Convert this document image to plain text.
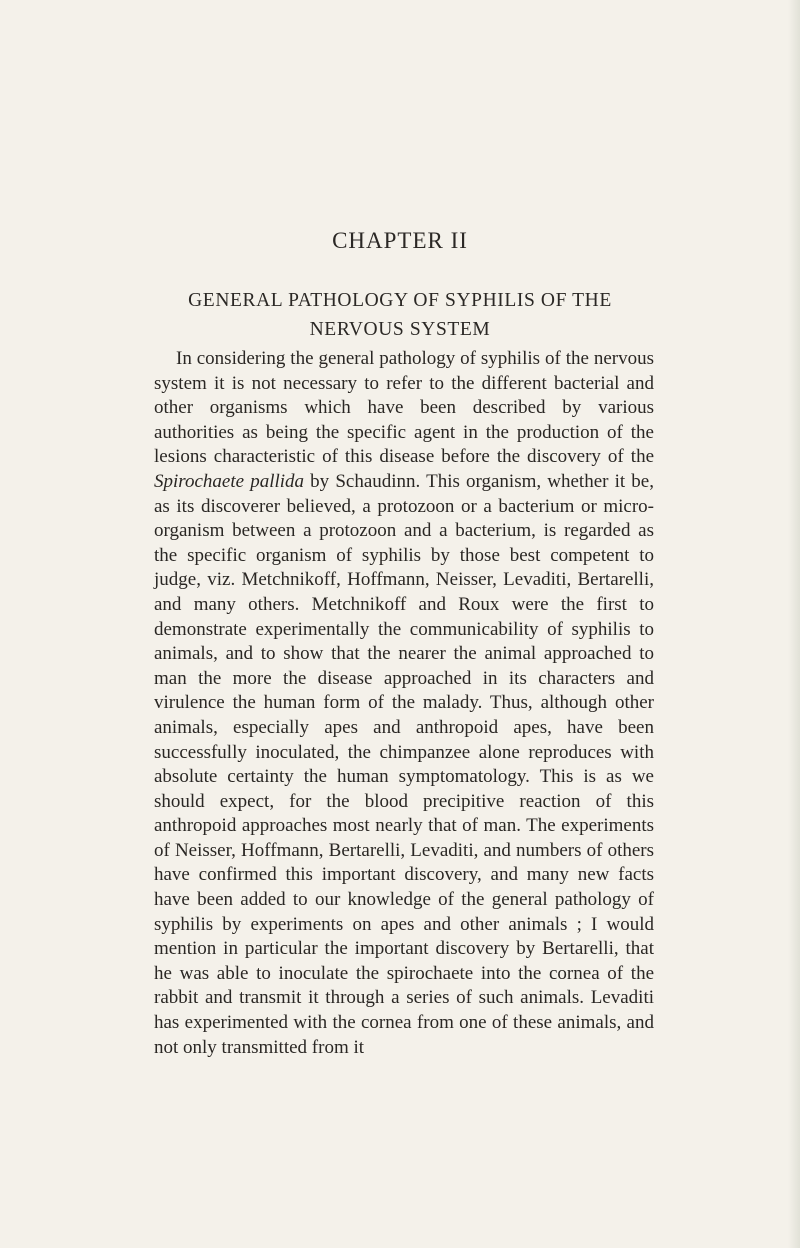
CHAPTER II
GENERAL PATHOLOGY OF SYPHILIS OF THE NERVOUS SYSTEM

In considering the general pathology of syphilis of the nervous system it is not necessary to refer to the different bacterial and other organisms which have been described by various authorities as being the specific agent in the production of the lesions characteristic of this disease before the discovery of the Spirochaete pallida by Schaudinn. This organism, whether it be, as its discoverer believed, a protozoon or a bacterium or micro-organism between a protozoon and a bacterium, is regarded as the specific organism of syphilis by those best competent to judge, viz. Metchnikoff, Hoffmann, Neisser, Levaditi, Bertarelli, and many others. Metchnikoff and Roux were the first to demonstrate experimentally the communicability of syphilis to animals, and to show that the nearer the animal approached to man the more the disease approached in its characters and virulence the human form of the malady. Thus, although other animals, especially apes and anthropoid apes, have been successfully inoculated, the chimpanzee alone reproduces with absolute certainty the human symptomatology. This is as we should expect, for the blood precipitive reaction of this anthropoid approaches most nearly that of man. The experiments of Neisser, Hoffmann, Bertarelli, Levaditi, and numbers of others have confirmed this important discovery, and many new facts have been added to our knowledge of the general pathology of syphilis by experiments on apes and other animals ; I would mention in particular the important discovery by Bertarelli, that he was able to inoculate the spirochaete into the cornea of the rabbit and transmit it through a series of such animals. Levaditi has experimented with the cornea from one of these animals, and not only transmitted from it
